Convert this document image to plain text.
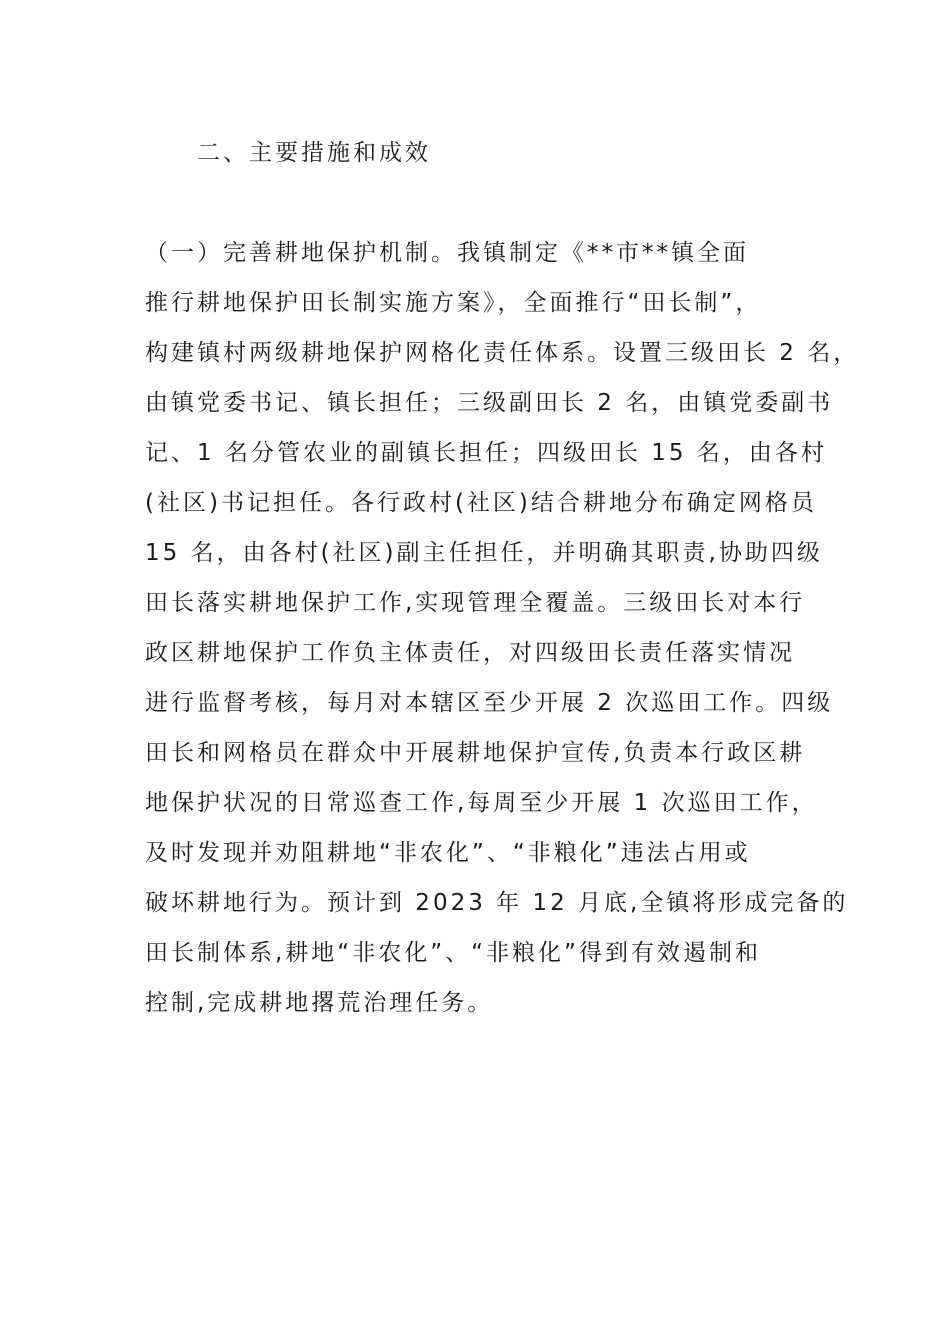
二、主要措施和成效

（一）完善耕地保护机制。我镇制定《**市**镇全面
推行耕地保护田长制实施方案》，全面推行“田长制”，
构建镇村两级耕地保护网格化责任体系。设置三级田长 2 名，
由镇党委书记、镇长担任；三级副田长 2 名，由镇党委副书
记、1 名分管农业的副镇长担任；四级田长 15 名，由各村
(社区)书记担任。各行政村(社区)结合耕地分布确定网格员
15 名，由各村(社区)副主任担任，并明确其职责,协助四级
田长落实耕地保护工作,实现管理全覆盖。三级田长对本行
政区耕地保护工作负主体责任，对四级田长责任落实情况
进行监督考核，每月对本辖区至少开展 2 次巡田工作。四级
田长和网格员在群众中开展耕地保护宣传,负责本行政区耕
地保护状况的日常巡查工作,每周至少开展 1 次巡田工作，
及时发现并劝阻耕地“非农化”、“非粮化”违法占用或
破坏耕地行为。预计到 2023 年 12 月底,全镇将形成完备的
田长制体系,耕地“非农化”、“非粮化”得到有效遏制和
控制,完成耕地撂荒治理任务。
